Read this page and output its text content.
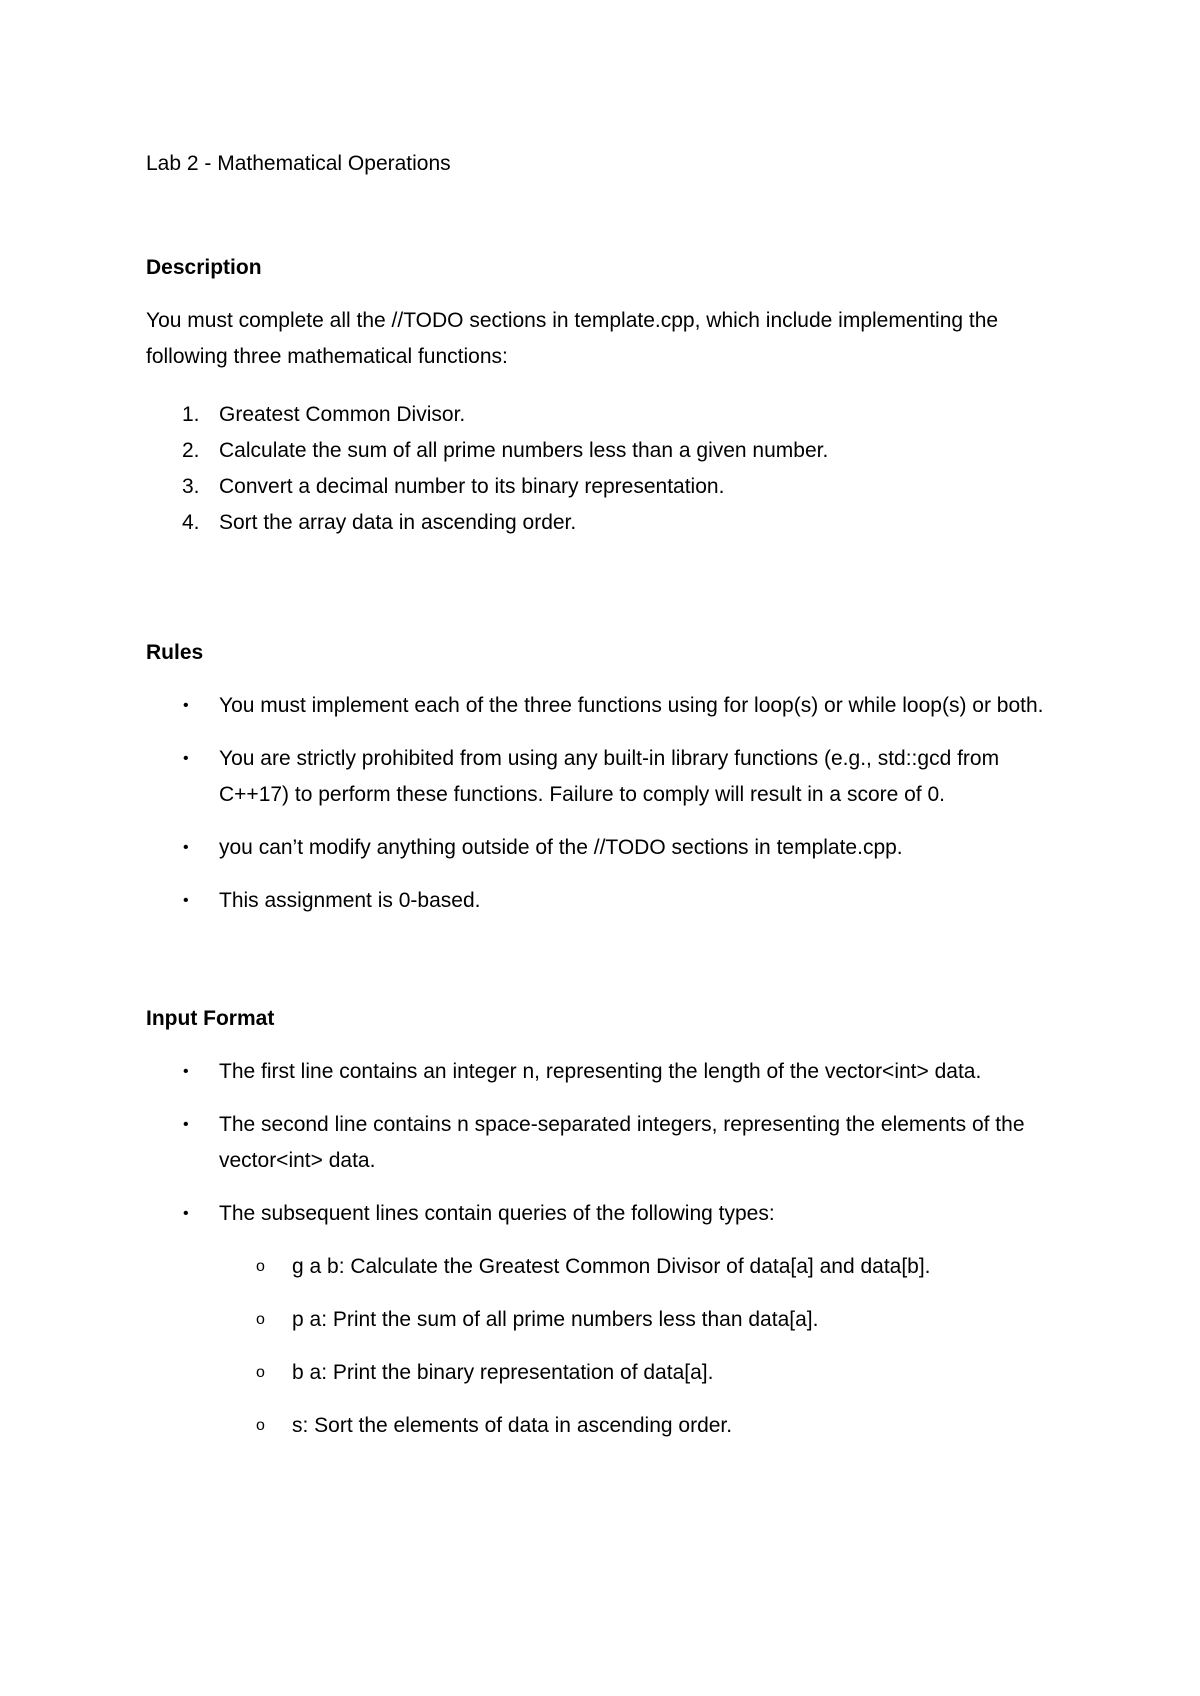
Lab 2 - Mathematical Operations

Description

You must complete all the //TODO sections in template.cpp, which include implementing the following three mathematical functions:

1. Greatest Common Divisor.
2. Calculate the sum of all prime numbers less than a given number.
3. Convert a decimal number to its binary representation.
4. Sort the array data in ascending order.
Rules
• You must implement each of the three functions using for loop(s) or while loop(s) or both.
• You are strictly prohibited from using any built-in library functions (e.g., std::gcd from C++17) to perform these functions. Failure to comply will result in a score of 0.
• you can’t modify anything outside of the //TODO sections in template.cpp.
• This assignment is 0-based.
Input Format
• The first line contains an integer n, representing the length of the vector<int> data.
• The second line contains n space-separated integers, representing the elements of the vector<int> data.
• The subsequent lines contain queries of the following types:
o g a b: Calculate the Greatest Common Divisor of data[a] and data[b].
o p a: Print the sum of all prime numbers less than data[a].
o b a: Print the binary representation of data[a].
o s: Sort the elements of data in ascending order.
